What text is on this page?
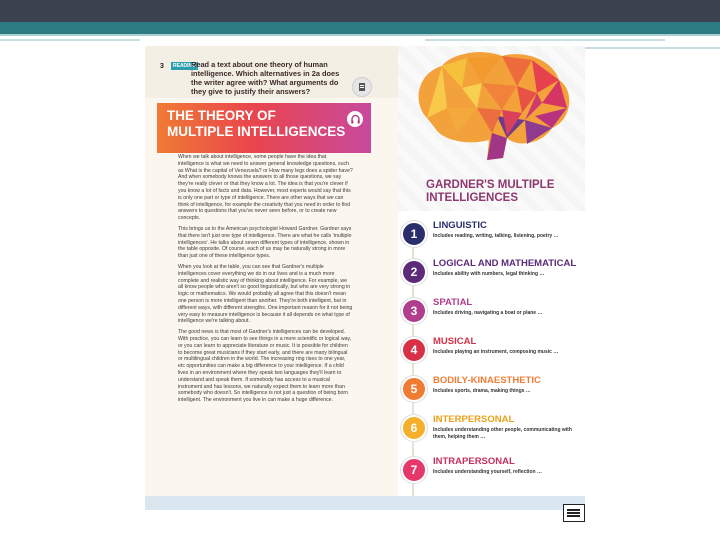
3	READING
Read a text about one theory of human intelligence. Which alternatives in 2a does the writer agree with? What arguments do they give to justify their answers?
THE THEORY OF
MULTIPLE INTELLIGENCES

When we talk about intelligence, some people have the idea that intelligence is what we need to answer general knowledge questions, such as What is the capital of Venezuela? or How many legs does a spider have? And when somebody knows the answers to all those questions, we say they're really clever or that they know a lot. The idea is that you're clever if you know a lot of facts and data. However, most experts would say that this is only one part or type of intelligence. There are other ways that we can think of intelligence, for example the creativity that you need in order to find answers to questions that you've never seen before, or to create new concepts.

This brings us to the American psychologist Howard Gardner. Gardner says that there isn't just one type of intelligence. There are what he calls 'multiple intelligences'. He talks about seven different types of intelligence, shown in the table opposite. Of course, each of us may be naturally strong in more than just one of these intelligence types.

When you look at the table, you can see that Gardner's multiple intelligences cover everything we do in our lives and is a much more complete and realistic way of thinking about intelligence. For example, we all know people who aren't so good linguistically, but who are very strong in logic or mathematics. We would probably all agree that this doesn't mean one person is more intelligent than another. They're both intelligent, but in different ways, with different strengths. One important reason for it not being very easy to measure intelligence is because it all depends on what type of intelligence we're talking about.

The good news is that most of Gardner's intelligences can be developed. With practice, you can learn to see things in a more scientific or logical way, or you can learn to appreciate literature or music. It is possible for children to become great musicians if they start early, and there are many bilingual or multilingual children in the world. The increasing ring rises to one year, etc opportunities can make a big difference to your intelligence. If a child lives in an environment where they speak two languages they'll learn to understand and speak them. If somebody has access to a musical instrument and has lessons, we naturally expect them to learn more than somebody who doesn't. So intelligence is not just a question of being born intelligent. The environment you live in can make a huge difference.

GARDNER'S MULTIPLE INTELLIGENCES
1
LINGUISTIC
Includes reading, writing, talking, listening, poetry …
2
LOGICAL AND MATHEMATICAL
Includes ability with numbers, legal thinking …
3
SPATIAL
Includes driving, navigating a boat or plane …
4
MUSICAL
Includes playing an instrument, composing music …
5
BODILY-KINAESTHETIC
Includes sports, drama, making things …
6
INTERPERSONAL
Includes understanding other people, communicating with them, helping them …
7
INTRAPERSONAL
Includes understanding yourself, reflection …
